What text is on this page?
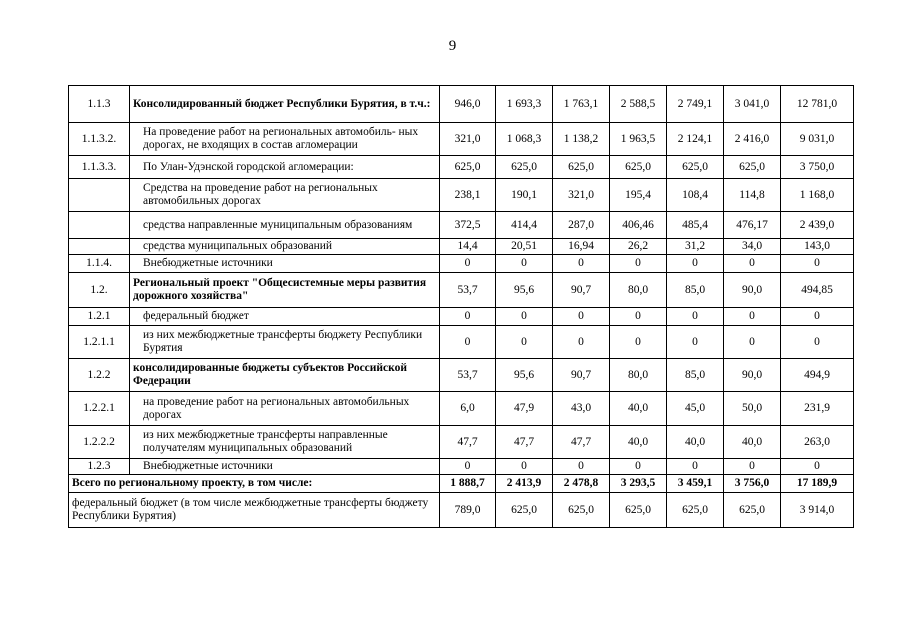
9
1.1.3	Консолидированный бюджет Республики Бурятия, в т.ч.:	946,0	1 693,3	1 763,1	2 588,5	2 749,1	3 041,0	12 781,0
1.1.3.2.	На проведение работ на региональных автомобиль- ных дорогах, не входящих в состав агломерации	321,0	1 068,3	1 138,2	1 963,5	2 124,1	2 416,0	9 031,0
1.1.3.3.	По Улан-Удэнской городской агломерации:	625,0	625,0	625,0	625,0	625,0	625,0	3 750,0
	Средства на проведение работ на региональных автомобильных дорогах	238,1	190,1	321,0	195,4	108,4	114,8	1 168,0
	средства направленные муниципальным образованиям	372,5	414,4	287,0	406,46	485,4	476,17	2 439,0
	средства муниципальных образований	14,4	20,51	16,94	26,2	31,2	34,0	143,0
1.1.4.	Внебюджетные источники	0	0	0	0	0	0	0
1.2.	Региональный проект "Общесистемные меры развития дорожного хозяйства"	53,7	95,6	90,7	80,0	85,0	90,0	494,85
1.2.1	федеральный бюджет	0	0	0	0	0	0	0
1.2.1.1	из них межбюджетные трансферты бюджету Республики Бурятия	0	0	0	0	0	0	0
1.2.2	консолидированные бюджеты субъектов Российской Федерации	53,7	95,6	90,7	80,0	85,0	90,0	494,9
1.2.2.1	на проведение работ на региональных автомобильных дорогах	6,0	47,9	43,0	40,0	45,0	50,0	231,9
1.2.2.2	из них межбюджетные трансферты направленные получателям муниципальных образований	47,7	47,7	47,7	40,0	40,0	40,0	263,0
1.2.3	Внебюджетные источники	0	0	0	0	0	0	0
Всего по региональному проекту, в том числе:		1 888,7	2 413,9	2 478,8	3 293,5	3 459,1	3 756,0	17 189,9
федеральный бюджет (в том числе межбюджетные трансферты бюджету Республики Бурятия)		789,0	625,0	625,0	625,0	625,0	625,0	3 914,0
